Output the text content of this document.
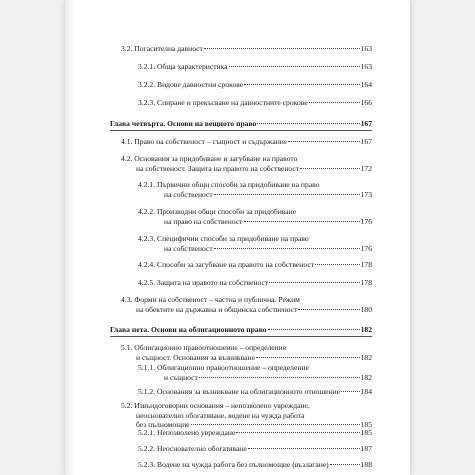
3.2.
Погасителна давност	163
3.2.1.
Обща характеристика	163
3.2.2.
Видове давностни срокове	164
3.2.3.
Спиране и прекъсване на давностните срокове	166
Глава четвърта. Основи на вещното право	167
4.1.
Право на собственост – същност и съдържание	167
4.2. Основания за придобиване и загубване на правото
на собственост. Защита на правото на собственост	172
4.2.1. Първични общи способи за придобиване на право
на собственост	173
4.2.2. Производни общи способи за придобиване
на право на собственост	176
4.2.3. Специфични способи за придобиване на право
на собственост	176
4.2.4.
Способи за загубване на правото на собственост	178
4.2.5.
Защита на правото на собственост	178
4.3. Форми на собственост – частна и публична. Режим
на обектите на държавна и общинска собственост	180
Глава пета. Основи на облигационното право	182
5.1. Облигационно правоотношение – определение
и същност. Основания за възникване	182
5.1.1. Облигационно правоотношение – определение
и същност	182
5.1.2.
Основания за възникване на облигационното отношение	184
5.2. Извъндоговорни основания – непозволено увреждане,
неоснователно обогатяване, водене на чужда работа
без пълномощие	185
5.2.1.
Непозволено увреждане	185
5.2.2.
Неоснователно обогатяване	187
5.2.3.
Водене на чужда работа без пълномощие (възлагане)	188
